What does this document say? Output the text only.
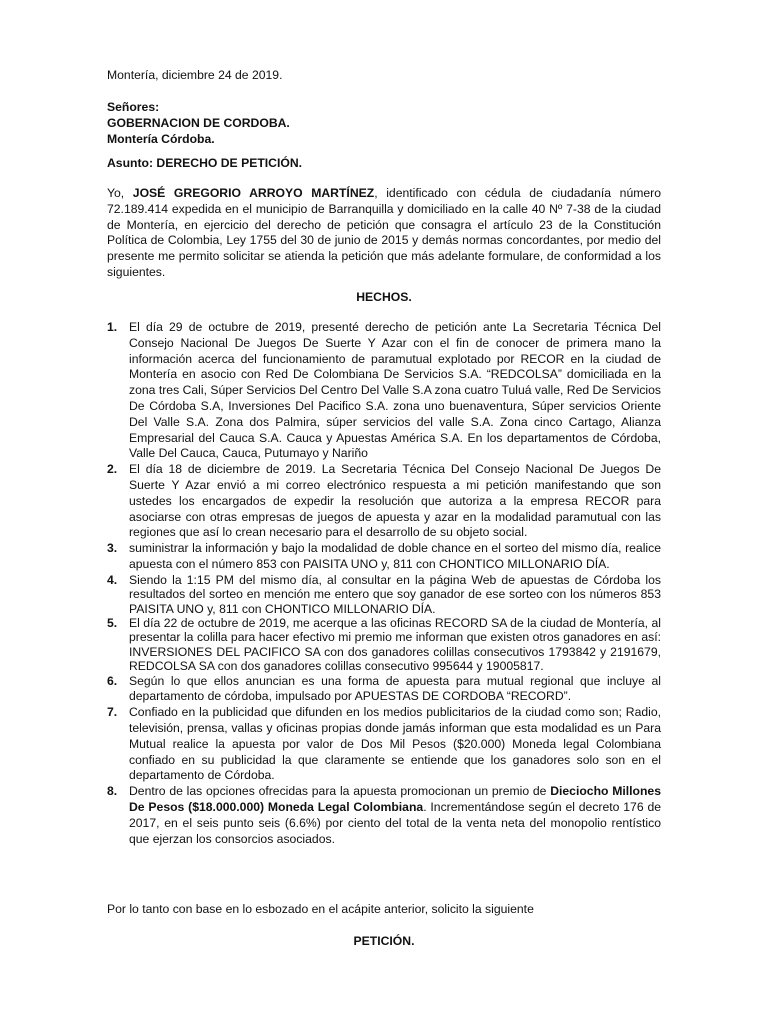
Montería, diciembre 24 de 2019.
Señores:
GOBERNACION DE CORDOBA.
Montería Córdoba.
Asunto: DERECHO DE PETICIÓN.
Yo, JOSÉ GREGORIO ARROYO MARTÍNEZ, identificado con cédula de ciudadanía número 72.189.414 expedida en el municipio de Barranquilla y domiciliado en la calle 40 Nº 7-38 de la ciudad de Montería, en ejercicio del derecho de petición que consagra el artículo 23 de la Constitución Política de Colombia, Ley 1755 del 30 de junio de 2015 y demás normas concordantes, por medio del presente me permito solicitar se atienda la petición que más adelante formulare, de conformidad a los siguientes.
HECHOS.
1. El día 29 de octubre de 2019, presenté derecho de petición ante La Secretaria Técnica Del Consejo Nacional De Juegos De Suerte Y Azar con el fin de conocer de primera mano la información acerca del funcionamiento de paramutual explotado por RECOR en la ciudad de Montería en asocio con Red De Colombiana De Servicios S.A. “REDCOLSA” domiciliada en la zona tres Cali, Súper Servicios Del Centro Del Valle S.A zona cuatro Tuluá valle, Red De Servicios De Córdoba S.A, Inversiones Del Pacifico S.A. zona uno buenaventura, Súper servicios Oriente Del Valle S.A. Zona dos Palmira, súper servicios del valle S.A. Zona cinco Cartago, Alianza Empresarial del Cauca S.A. Cauca y Apuestas América S.A. En los departamentos de Córdoba, Valle Del Cauca, Cauca, Putumayo y Nariño
2. El día 18 de diciembre de 2019. La Secretaria Técnica Del Consejo Nacional De Juegos De Suerte Y Azar envió a mi correo electrónico respuesta a mi petición manifestando que son ustedes los encargados de expedir la resolución que autoriza a la empresa RECOR para asociarse con otras empresas de juegos de apuesta y azar en la modalidad paramutual con las regiones que así lo crean necesario para el desarrollo de su objeto social.
3. suministrar la información y bajo la modalidad de doble chance en el sorteo del mismo día, realice apuesta con el número 853 con PAISITA UNO y, 811 con CHONTICO MILLONARIO DÍA.
4. Siendo la 1:15 PM del mismo día, al consultar en la página Web de apuestas de Córdoba los resultados del sorteo en mención me entero que soy ganador de ese sorteo con los números 853 PAISITA UNO y, 811 con CHONTICO MILLONARIO DÍA.
5. El día 22 de octubre de 2019, me acerque a las oficinas RECORD SA de la ciudad de Montería, al presentar la colilla para hacer efectivo mi premio me informan que existen otros ganadores en así: INVERSIONES DEL PACIFICO SA con dos ganadores colillas consecutivos 1793842 y 2191679, REDCOLSA SA con dos ganadores colillas consecutivo 995644 y 19005817.
6. Según lo que ellos anuncian es una forma de apuesta para mutual regional que incluye al departamento de córdoba, impulsado por APUESTAS DE CORDOBA “RECORD”.
7. Confiado en la publicidad que difunden en los medios publicitarios de la ciudad como son; Radio, televisión, prensa, vallas y oficinas propias donde jamás informan que esta modalidad es un Para Mutual realice la apuesta por valor de Dos Mil Pesos ($20.000) Moneda legal Colombiana confiado en su publicidad la que claramente se entiende que los ganadores solo son en el departamento de Córdoba.
8. Dentro de las opciones ofrecidas para la apuesta promocionan un premio de Dieciocho Millones De Pesos ($18.000.000) Moneda Legal Colombiana. Incrementándose según el decreto 176 de 2017, en el seis punto seis (6.6%) por ciento del total de la venta neta del monopolio rentístico que ejerzan los consorcios asociados.
Por lo tanto con base en lo esbozado en el acápite anterior, solicito la siguiente
PETICIÓN.
